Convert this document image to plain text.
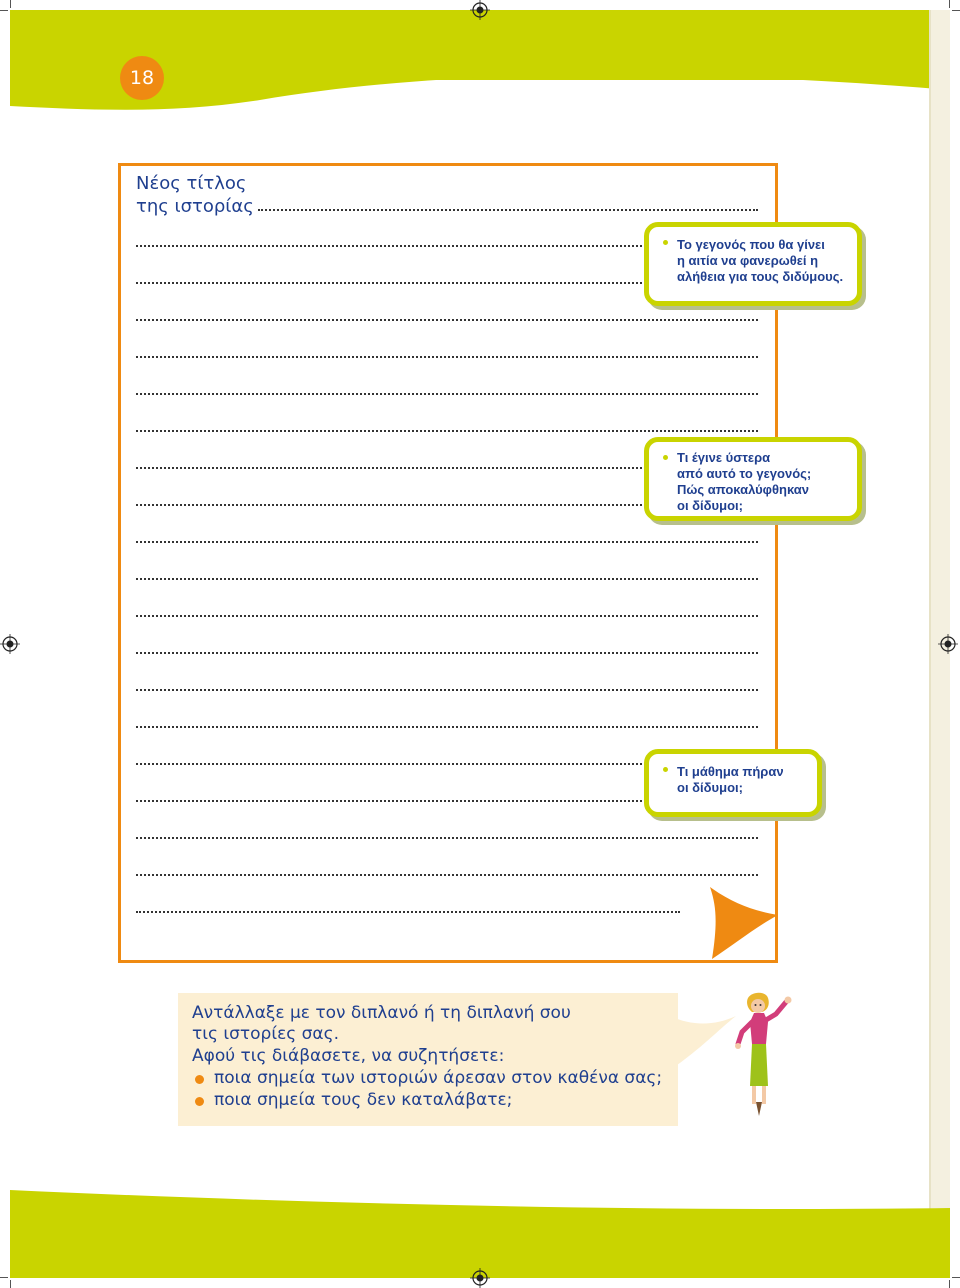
18
Νέος τίτλος
της ιστορίας
Το γεγονός που θα γίνει
η αιτία να φανερωθεί η
αλήθεια για τους διδύμους.
Τι έγινε ύστερα
από αυτό το γεγονός;
Πώς αποκαλύφθηκαν
οι δίδυμοι;
Τι μάθημα πήραν
οι δίδυμοι;
Αντάλλαξε με τον διπλανό ή τη διπλανή σου
τις ιστορίες σας.
Αφού τις διάβασετε, να συζητήσετε:
ποια σημεία των ιστοριών άρεσαν στον καθένα σας;
ποια σημεία τους δεν καταλάβατε;
